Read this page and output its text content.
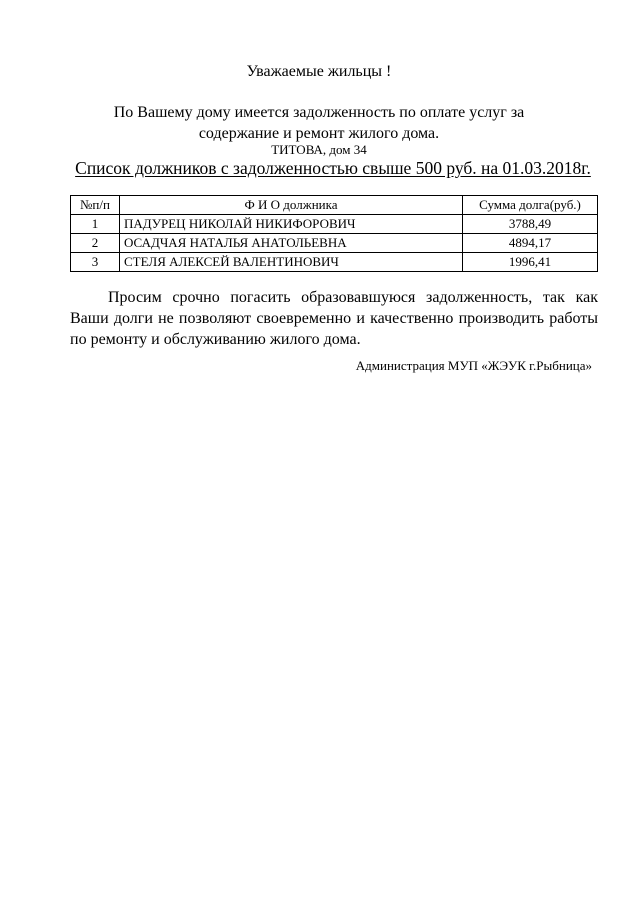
Уважаемые жильцы !
По Вашему дому имеется задолженность по оплате услуг за содержание и ремонт жилого дома.
ТИТОВА, дом 34
Список должников с задолженностью свыше 500 руб. на 01.03.2018г.
№п/п	Ф И О должника	Сумма долга(руб.)
1	ПАДУРЕЦ НИКОЛАЙ НИКИФОРОВИЧ	3788,49
2	ОСАДЧАЯ НАТАЛЬЯ АНАТОЛЬЕВНА	4894,17
3	СТЕЛЯ АЛЕКСЕЙ ВАЛЕНТИНОВИЧ	1996,41
Просим срочно погасить образовавшуюся задолженность, так как Ваши долги не позволяют своевременно и качественно производить работы по ремонту и обслуживанию жилого дома.
Администрация МУП «ЖЭУК г.Рыбница»
